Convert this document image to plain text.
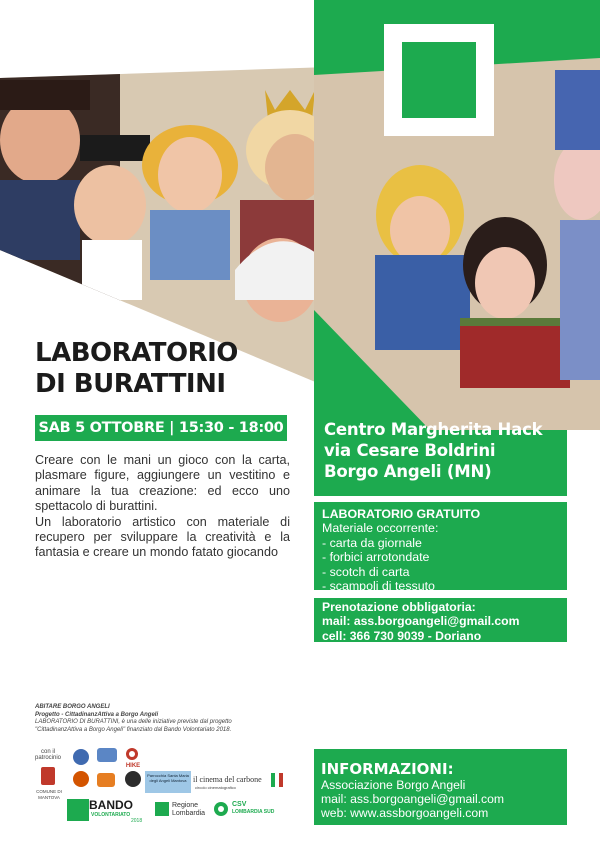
LABORATORIO
DI BURATTINI
SAB 5 OTTOBRE | 15:30 - 18:00

Creare con le mani un gioco con la carta, plasmare figure, aggiungere un vestitino e animare la tua creazione: ed ecco uno spettacolo di burattini.

Un laboratorio artistico con materiale di recupero per sviluppare la creatività e la fantasia e creare un mondo fatato giocando

Centro Margherita Hack
via Cesare Boldrini
Borgo Angeli (MN)
LABORATORIO GRATUITO
Materiale occorrente:
- carta da giornale
- forbici arrotondate
- scotch di carta
- scampoli di tessuto
Prenotazione obbligatoria:
mail: ass.borgoangeli@gmail.com
cell: 366 730 9039 - Doriano
INFORMAZIONI:
Associazione Borgo Angeli
mail: ass.borgoangeli@gmail.com
web: www.assborgoangeli.com
ABITARE BORGO ANGELI
Progetto - CittadinanzAttiva a Borgo Angeli
LABORATORIO DI BURATTINI, è una delle iniziative previste dal progetto "CittadinanzAttiva a Borgo Angeli" finanziato dal Bando Volontariato 2018.
con il
patrocinio
COMUNE DI MANTOVA
HIKE
Parrocchia Santa Maria degli Angeli Mantova il cinema del carbone
circolo cinematografico
BANDO
VOLONTARIATO
2018
Regione
Lombardia
CSV
LOMBARDIA SUD
